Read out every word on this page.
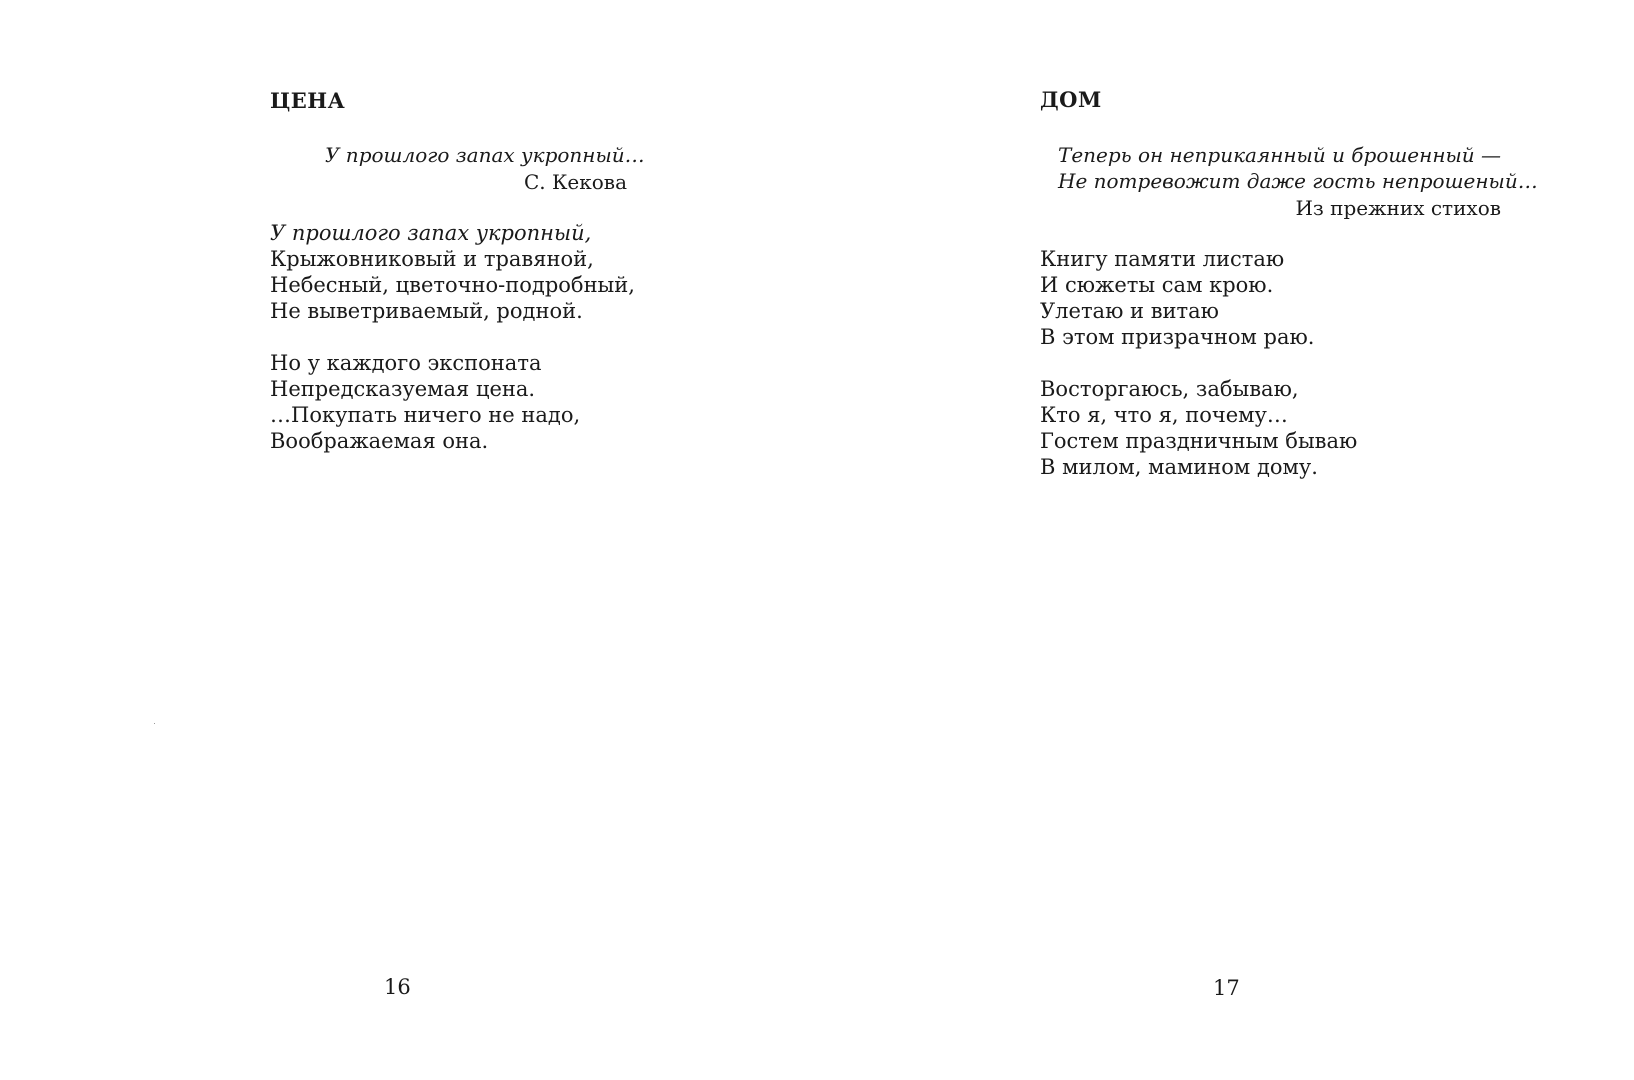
ЦЕНА
У прошлого запах укропный…
С. Кекова
У прошлого запах укропный,
Крыжовниковый и травяной,
Небесный, цветочно-подробный,
Не выветриваемый, родной.
Но у каждого экспоната
Непредсказуемая цена.
…Покупать ничего не надо,
Воображаемая она.
16
ДОМ
Теперь он неприкаянный и брошенный —
Не потревожит даже гость непрошеный…
Из прежних стихов
Книгу памяти листаю
И сюжеты сам крою.
Улетаю и витаю
В этом призрачном раю.
Восторгаюсь, забываю,
Кто я, что я, почему…
Гостем праздничным бываю
В милом, мамином дому.
17
